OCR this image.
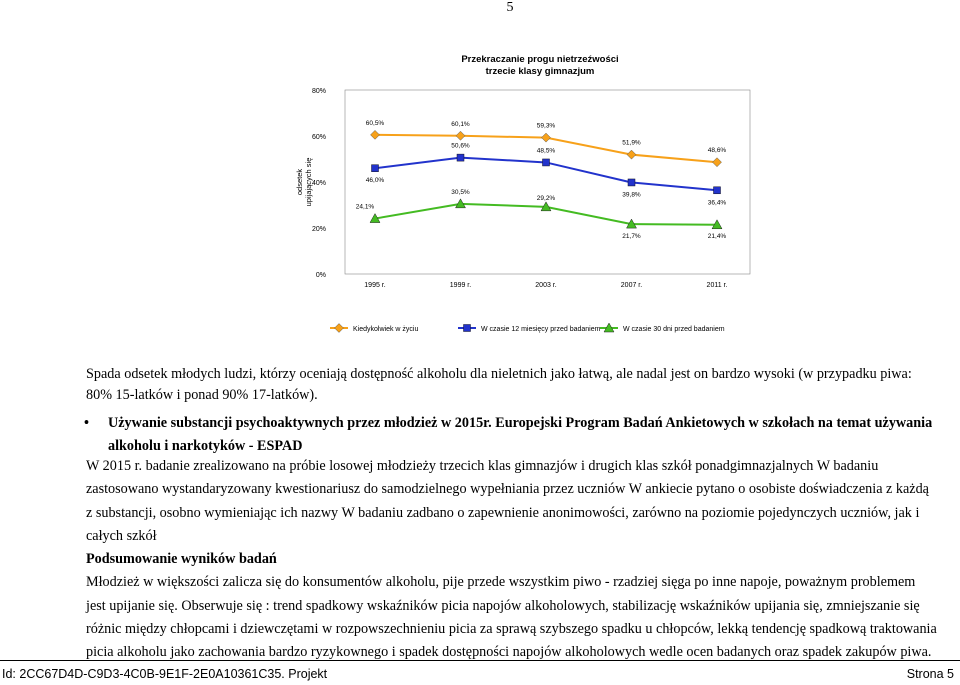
5
Przekraczanie progu nietrzeźwości
trzecie klasy gimnazjum
0%
20%
40%
60%
80%
odsetek upijających się
1995 r.	1999 r.	2003 r.	2007 r.	2011 r.
60,5%	60,1%	59,3%
51,9%
48,6%
46,0%
50,6%
48,5%
39,8%
36,4%
24,1%
30,5%
29,2%
21,7%	21,4%
Kiedykolwiek w życiu	W czasie 12 miesięcy przed badaniem	W czasie 30 dni przed badaniem
Spada odsetek młodych ludzi, którzy oceniają dostępność alkoholu dla nieletnich jako łatwą, ale nadal jest on bardzo wysoki (w przypadku piwa: 80% 15-latków i ponad 90% 17-latków).
•	Używanie substancji psychoaktywnych przez młodzież w 2015r. Europejski Program Badań Ankietowych w szkołach na temat używania alkoholu i narkotyków - ESPAD
W 2015 r. badanie zrealizowano na próbie losowej młodzieży trzecich klas gimnazjów i drugich klas szkół ponadgimnazjalnych W badaniu zastosowano wystandaryzowany kwestionariusz do samodzielnego wypełniania przez uczniów W ankiecie pytano o osobiste doświadczenia z każdą z substancji, osobno wymieniając ich nazwy W badaniu zadbano o zapewnienie anonimowości, zarówno na poziomie pojedynczych uczniów, jak i całych szkół
Podsumowanie wyników badań
Młodzież w większości zalicza się do konsumentów alkoholu, pije przede wszystkim piwo - rzadziej sięga po inne napoje, poważnym problemem jest upijanie się. Obserwuje się : trend spadkowy wskaźników picia napojów alkoholowych, stabilizację wskaźników upijania się, zmniejszanie się różnic między chłopcami i dziewczętami w rozpowszechnieniu picia za sprawą szybszego spadku u chłopców, lekką tendencję spadkową traktowania picia alkoholu jako zachowania bardzo ryzykownego i spadek dostępności napojów alkoholowych wedle ocen badanych oraz spadek zakupów piwa.
Id: 2CC67D4D-C9D3-4C0B-9E1F-2E0A10361C35. Projekt	Strona 5
